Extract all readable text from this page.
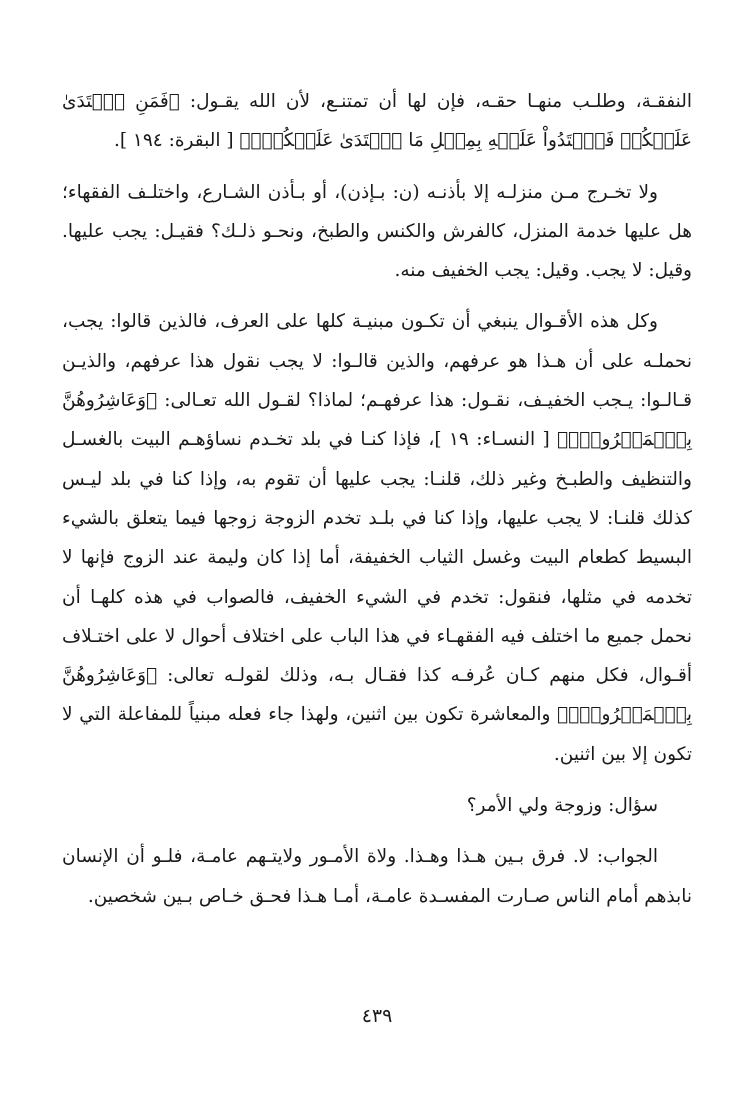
النفقـة، وطلـب منهـا حقـه، فإن لها أن تمتنـع، لأن الله يقـول: ﴿فَمَنِ ٱعۡتَدَىٰ عَلَيۡكُمۡ فَٱعۡتَدُواْ عَلَيۡهِ بِمِثۡلِ مَا ٱعۡتَدَىٰ عَلَيۡكُمۡۚ﴾ [ البقرة: ١٩٤ ].

ولا تخـرج مـن منزلـه إلا بأذنـه (ن: بـإذن)، أو بـأذن الشـارع، واختلـف الفقهاء؛ هل عليها خدمة المنزل، كالفرش والكنس والطبخ، ونحـو ذلـك؟ فقيـل: يجب عليها. وقيل: لا يجب. وقيل: يجب الخفيف منه.

وكل هذه الأقـوال ينبغي أن تكـون مبنيـة كلها على العرف، فالذين قالوا: يجب، نحملـه على أن هـذا هو عرفهم، والذين قالـوا: لا يجب نقول هذا عرفهم، والذيـن قـالـوا: يـجب الخفيـف، نقـول: هذا عرفهـم؛ لماذا؟ لقـول الله تعـالى: ﴿وَعَاشِرُوهُنَّ بِٱلۡمَعۡرُوفِۚ﴾ [ النسـاء: ١٩ ]، فإذا كنـا في بلد تخـدم نساؤهـم البيت بالغسـل والتنظيف والطبـخ وغير ذلك، قلنـا: يجب عليها أن تقوم به، وإذا كنا في بلد ليـس كذلك قلنـا: لا يجب عليها، وإذا كنا في بلـد تخدم الزوجة زوجها فيما يتعلق بالشيء البسيط كطعام البيت وغسل الثياب الخفيفة، أما إذا كان وليمة عند الزوج فإنها لا تخدمه في مثلها، فنقول: تخدم في الشيء الخفيف، فالصواب في هذه كلهـا أن نحمل جميع ما اختلف فيه الفقهـاء في هذا الباب على اختلاف أحوال لا على اختـلاف أقـوال، فكل منهم كـان عُرفـه كذا فقـال بـه، وذلك لقولـه تعالى: ﴿وَعَاشِرُوهُنَّ بِٱلۡمَعۡرُوفِۚ﴾ والمعاشرة تكون بين اثنين، ولهذا جاء فعله مبنياً للمفاعلة التي لا تكون إلا بين اثنين.

سؤال: وزوجة ولي الأمر؟

الجواب: لا. فرق بـين هـذا وهـذا. ولاة الأمـور ولايتـهم عامـة، فلـو أن الإنسان نابذهم أمام الناس صـارت المفسـدة عامـة، أمـا هـذا فحـق خـاص بـين شخصين.

٤٣٩
